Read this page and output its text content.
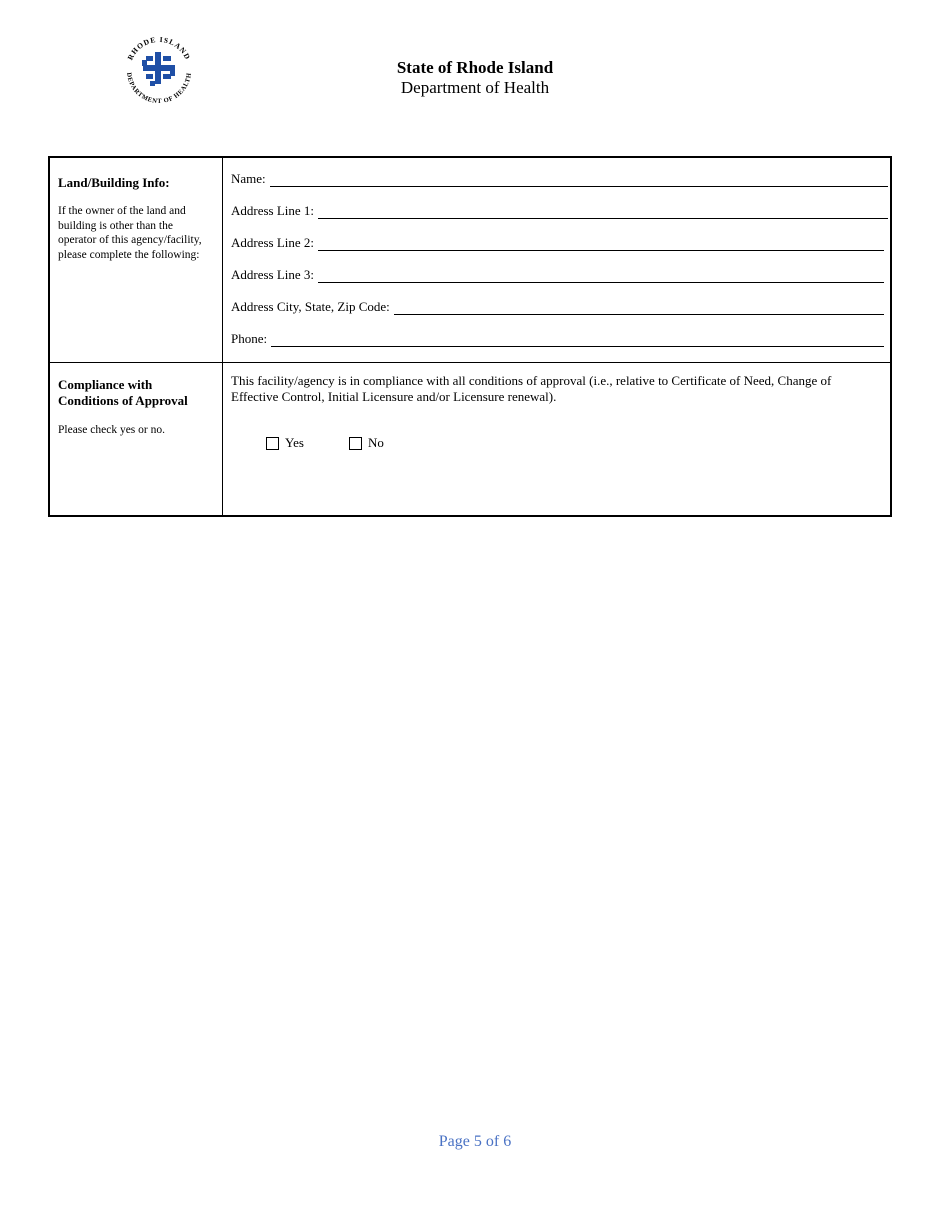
RHODE ISLAND
DEPARTMENT OF HEALTH	State of Rhode Island
Department of Health
Land/Building Info:
If the owner of the land and building is other than the operator of this agency/facility, please complete the following:
Name:
Address Line 1:
Address Line 2:
Address Line 3:
Address City, State, Zip Code:
Phone:
Compliance with Conditions of Approval
Please check yes or no.
This facility/agency is in compliance with all conditions of approval (i.e., relative to Certificate of Need, Change of Effective Control, Initial Licensure and/or Licensure renewal).
Yes	No
Page 5 of 6
